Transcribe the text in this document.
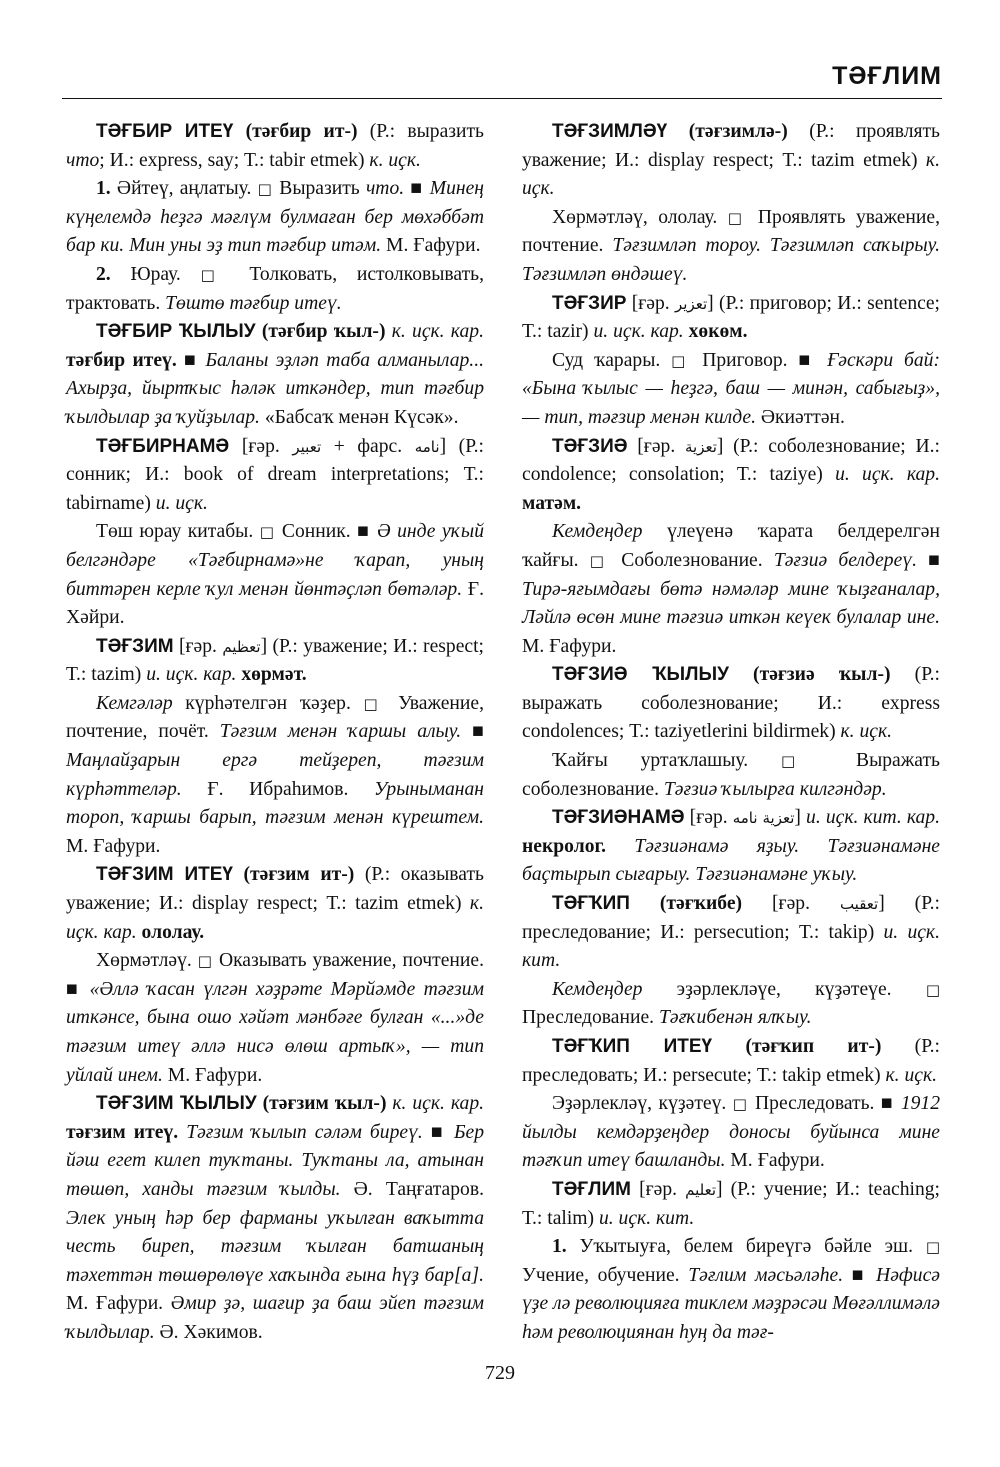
ТӘҒЛИМ

ТӘҒБИР ИТЕҮ (тәғбир ит-) (Р.: выразить что; И.: express, say; Т.: tabir etmek) к. иҫк.

1. Әйтеү, аңлатыу. □ Выразить что. ■ Минең күңелемдә һеҙгә мәғлүм булмаған бер мөхәббәт бар ки. Мин уны эҙ тип тәғбир итәм. М. Ғафури.

2. Юрау. □ Толковать, истолковывать, трактовать. Төштө тәғбир итеү.

ТӘҒБИР ҠЫЛЫУ (тәғбир ҡыл-) к. иҫк. кар. тәғбир итеү. ■ Баланы эҙләп таба алманылар... Ахырҙа, йыртҡыс һәләк иткәндер, тип тәғбир ҡылдылар ҙа ҡуйҙылар. «Бабсаҡ менән Күсәк».

ТӘҒБИРНАМӘ [ғәр. تعبير + фарс. نامه] (Р.: сонник; И.: book of dream interpretations; Т.: tabirname) и. иҫк.

Төш юрау китабы. □ Сонник. ■ Ә инде уҡый белгәндәре «Тәғбирнамә»не ҡарап, уның биттәрен керле ҡул менән йөнтәҫләп бөтәләр. Ғ. Хәйри.

ТӘҒЗИМ [ғәр. تعظيم] (Р.: уважение; И.: respect; Т.: tazim) и. иҫк. кар. хөрмәт.

Кемгәләр күрһәтелгән ҡәҙер. □ Уважение, почтение, почёт. Тәғзим менән ҡаршы алыу. ■ Маңлайҙарын ергә тейҙереп, тәғзим күрһәттеләр. Ғ. Ибраһимов. Урыныманан тороп, ҡаршы барып, тәғзим менән күрештем. М. Ғафури.

ТӘҒЗИМ ИТЕҮ (тәғзим ит-) (Р.: оказывать уважение; И.: display respect; Т.: tazim etmek) к. иҫк. кар. ололау.

Хөрмәтләү. □ Оказывать уважение, почтение. ■ «Әллә ҡасан үлгән хәҙрәте Мәрйәмде тәғзим иткәнсе, бына ошо хәйәт мәнбәғе булған «...»де тәғзим итеү әллә нисә өлөш артыҡ», — тип уйлай инем. М. Ғафури.

ТӘҒЗИМ ҠЫЛЫУ (тәғзим ҡыл-) к. иҫк. кар. тәғзим итеү. Тәғзим ҡылып сәләм биреү. ■ Бер йәш егет килеп туҡтаны. Туҡтаны ла, атынан төшөп, ханды тәғзим ҡылды. Ә. Таңғатаров. Элек уның һәр бер фарманы уҡылған ваҡытта честь биреп, тәғзим ҡылған батшаның тәхеттән төшөрөлөүе хаҡында ғына һүҙ бар[а]. М. Ғафури. Әмир ҙә, шағир ҙа баш эйеп тәғзим ҡылдылар. Ә. Хәкимов.

ТӘҒЗИМЛӘҮ (тәғзимлә-) (Р.: проявлять уважение; И.: display respect; Т.: tazim etmek) к. иҫк.

Хөрмәтләү, ололау. □ Проявлять уважение, почтение. Тәғзимләп тороу. Тәғзимләп саҡырыу. Тәғзимләп өндәшеү.

ТӘҒЗИР [ғәр. تعزير] (Р.: приговор; И.: sentence; Т.: tazir) и. иҫк. кар. хөкөм.

Суд ҡарары. □ Приговор. ■ Ғәскәри бай: «Бына ҡылыс — һеҙгә, баш — минән, сабығыҙ», — тип, тәғзир менән килде. Әкиәттән.

ТӘҒЗИӘ [ғәр. تعزية] (Р.: соболезнование; И.: condolence; consolation; Т.: taziye) и. иҫк. кар. матәм.

Кемдеңдер үлеүенә ҡарата белдерелгән ҡайғы. □ Соболезнование. Тәғзиә белдереү. ■ Тирә-яғымдағы бөтә нәмәләр мине ҡыҙғаналар, Ләйлә өсөн мине тәғзиә иткән кеүек булалар ине. М. Ғафури.

ТӘҒЗИӘ ҠЫЛЫУ (тәғзиә ҡыл-) (Р.: выражать соболезнование; И.: express condolences; Т.: taziyetlerini bildirmek) к. иҫк.

Ҡайғы уртаҡлашыу. □ Выражать соболезнование. Тәғзиә ҡылырға килгәндәр.

ТӘҒЗИӘНАМӘ [ғәр. تعزية نامه] и. иҫк. кит. кар. некролог. Тәғзиәнамә яҙыу. Тәғзиәнамәне баҫтырып сығарыу. Тәғзиәнамәне уҡыу.

ТӘҒҠИП (тәғҡибе) [ғәр. تعقيب] (Р.: преследование; И.: persecution; Т.: takip) и. иҫк. кит.

Кемдеңдер эҙәрлекләүе, күҙәтеүе. □ Преследование. Тәғҡибенән ялҡыу.

ТӘҒҠИП ИТЕҮ (тәғҡип ит-) (Р.: преследовать; И.: persecute; Т.: takip etmek) к. иҫк.

Эҙәрлекләү, күҙәтеү. □ Преследовать. ■ 1912 йылды кемдәрҙеңдер доносы буйынса мине тәғҡип итеү башланды. М. Ғафури.

ТӘҒЛИМ [ғәр. تعليم] (Р.: учение; И.: teaching; Т.: talim) и. иҫк. кит.

1. Уҡытыуға, белем биреүгә бәйле эш. □ Учение, обучение. Тәғлим мәсьәләһе. ■ Нәфисә үҙе лә революцияға тиклем мәҙрәсәи Мөғәллимәлә һәм революциянан һуң да тәғ-

729
